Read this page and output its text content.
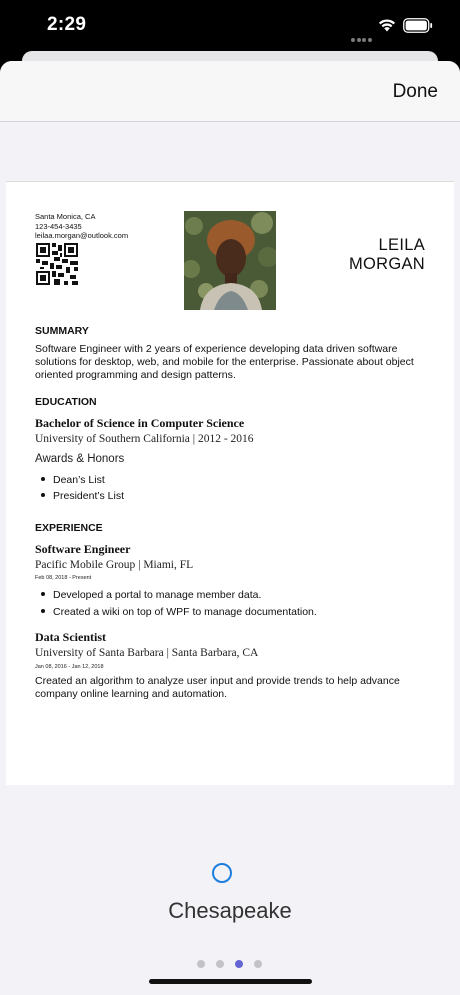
2:29
Done
Santa Monica, CA
123-454-3435
leilaa.morgan@outlook.com
LEILA
MORGAN
SUMMARY
Software Engineer with 2 years of experience developing data driven software solutions for desktop, web, and mobile for the enterprise. Passionate about object oriented programming and design patterns.
EDUCATION
Bachelor of Science in Computer Science
University of Southern California | 2012 - 2016
Awards & Honors
Dean’s List
President’s List
EXPERIENCE
Software Engineer
Pacific Mobile Group | Miami, FL
Feb 08, 2018 - Present
Developed a portal to manage member data.
Created a wiki on top of WPF to manage documentation.
Data Scientist
University of Santa Barbara | Santa Barbara, CA
Jan 08, 2016 - Jan 12, 2018
Created an algorithm to analyze user input and provide trends to help advance company online learning and automation.
Chesapeake
